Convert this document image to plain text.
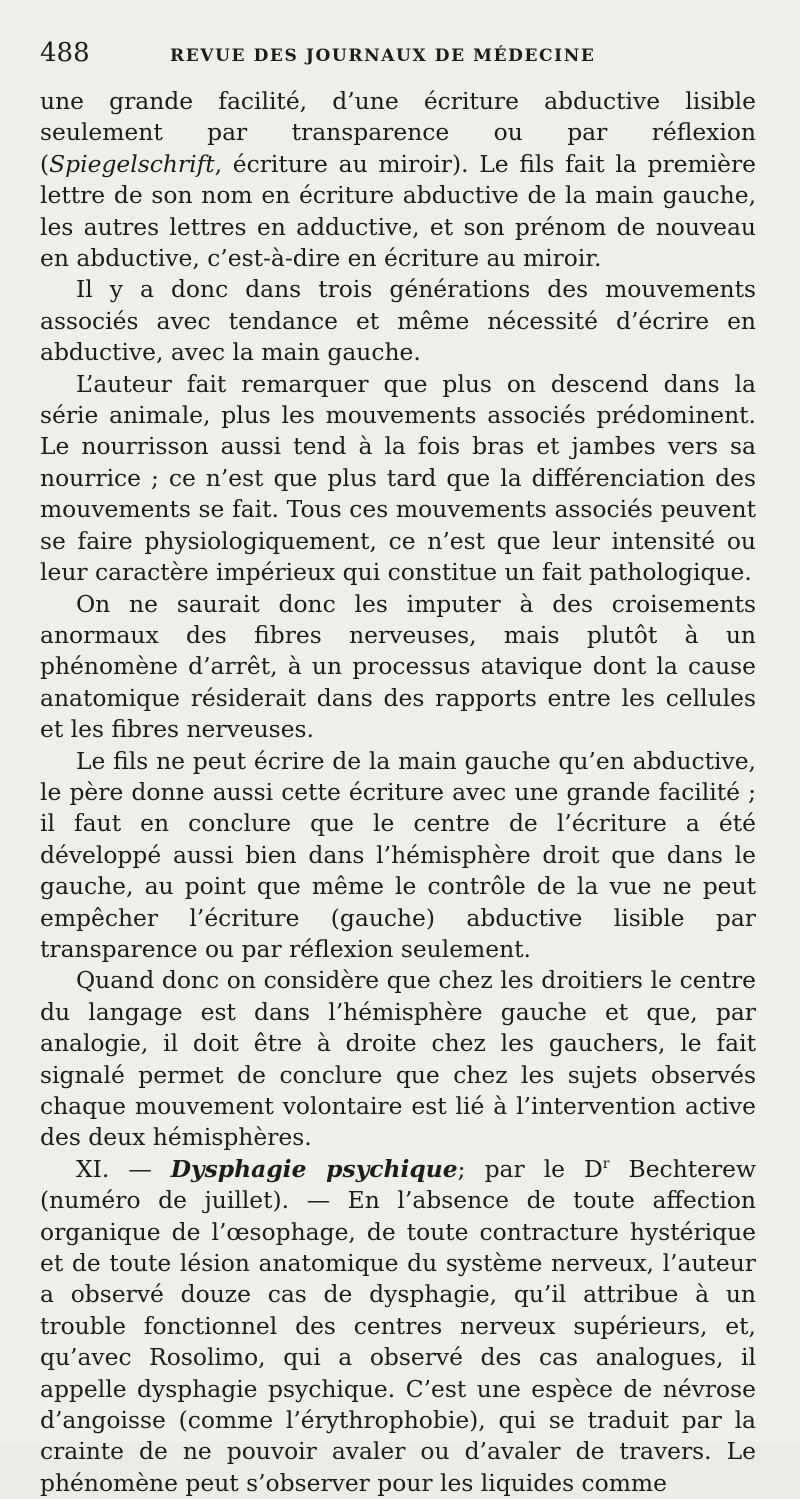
488	REVUE DES JOURNAUX DE MÉDECINE

une grande facilité, d’une écriture abductive lisible seulement par transparence ou par réflexion (Spiegelschrift, écriture au miroir). Le fils fait la première lettre de son nom en écriture abductive de la main gauche, les autres lettres en adductive, et son prénom de nouveau en abductive, c’est-à-dire en écriture au miroir.

Il y a donc dans trois générations des mouvements associés avec tendance et même nécessité d’écrire en abductive, avec la main gauche.

L’auteur fait remarquer que plus on descend dans la série animale, plus les mouvements associés prédominent. Le nourrisson aussi tend à la fois bras et jambes vers sa nourrice ; ce n’est que plus tard que la différenciation des mouvements se fait. Tous ces mouvements associés peuvent se faire physiologiquement, ce n’est que leur intensité ou leur caractère impérieux qui constitue un fait pathologique.

On ne saurait donc les imputer à des croisements anormaux des fibres nerveuses, mais plutôt à un phénomène d’arrêt, à un processus atavique dont la cause anatomique résiderait dans des rapports entre les cellules et les fibres nerveuses.

Le fils ne peut écrire de la main gauche qu’en abductive, le père donne aussi cette écriture avec une grande facilité ; il faut en conclure que le centre de l’écriture a été développé aussi bien dans l’hémisphère droit que dans le gauche, au point que même le contrôle de la vue ne peut empêcher l’écriture (gauche) abductive lisible par transparence ou par réflexion seulement.

Quand donc on considère que chez les droitiers le centre du langage est dans l’hémisphère gauche et que, par analogie, il doit être à droite chez les gauchers, le fait signalé permet de conclure que chez les sujets observés chaque mouvement volontaire est lié à l’intervention active des deux hémisphères.

XI. — Dysphagie psychique; par le $D^r$ Bechterew (numéro de juillet). — En l’absence de toute affection organique de l’œsophage, de toute contracture hystérique et de toute lésion anatomique du système nerveux, l’auteur a observé douze cas de dysphagie, qu’il attribue à un trouble fonctionnel des centres nerveux supérieurs, et, qu’avec Rosolimo, qui a observé des cas analogues, il appelle dysphagie psychique. C’est une espèce de névrose d’angoisse (comme l’érythrophobie), qui se traduit par la crainte de ne pouvoir avaler ou d’avaler de travers. Le phénomène peut s’observer pour les liquides comme
